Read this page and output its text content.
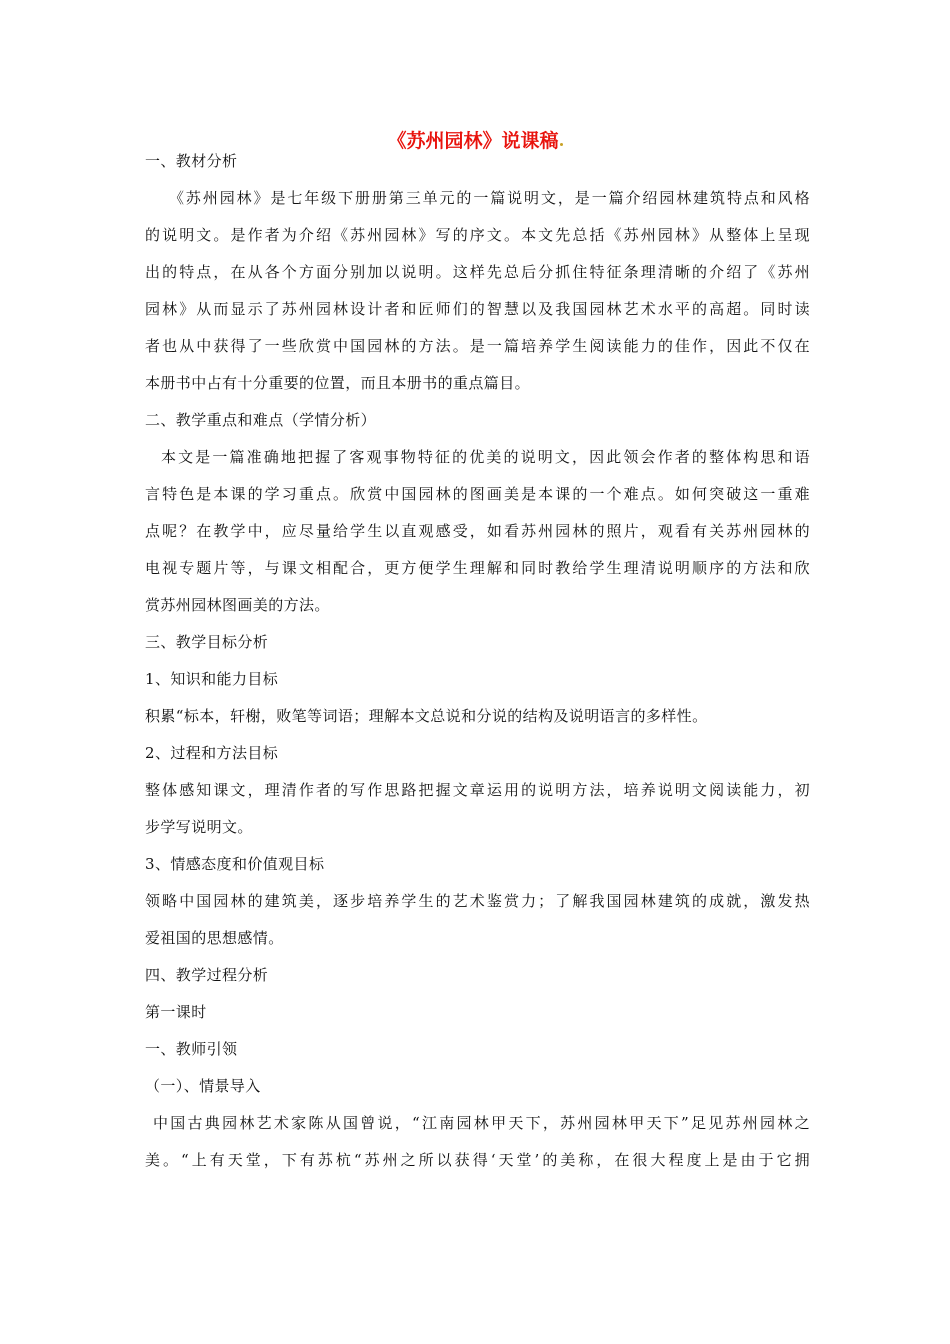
《苏州园林》说课稿
一、教材分析
《苏州园林》是七年级下册册第三单元的一篇说明文，是一篇介绍园林建筑特点和风格
的说明文。是作者为介绍《苏州园林》写的序文。本文先总括《苏州园林》从整体上呈现
出的特点，在从各个方面分别加以说明。这样先总后分抓住特征条理清晰的介绍了《苏州
园林》从而显示了苏州园林设计者和匠师们的智慧以及我国园林艺术水平的高超。同时读
者也从中获得了一些欣赏中国园林的方法。是一篇培养学生阅读能力的佳作，因此不仅在
本册书中占有十分重要的位置，而且本册书的重点篇目。
二、教学重点和难点（学情分析）
本文是一篇准确地把握了客观事物特征的优美的说明文，因此领会作者的整体构思和语
言特色是本课的学习重点。欣赏中国园林的图画美是本课的一个难点。如何突破这一重难
点呢？在教学中，应尽量给学生以直观感受，如看苏州园林的照片，观看有关苏州园林的
电视专题片等，与课文相配合，更方便学生理解和同时教给学生理清说明顺序的方法和欣
赏苏州园林图画美的方法。
三、教学目标分析
1、知识和能力目标
积累“标本，轩榭，败笔等词语；理解本文总说和分说的结构及说明语言的多样性。
2、过程和方法目标
整体感知课文，理清作者的写作思路把握文章运用的说明方法，培养说明文阅读能力，初
步学写说明文。
3、情感态度和价值观目标
领略中国园林的建筑美，逐步培养学生的艺术鉴赏力；了解我国园林建筑的成就，激发热
爱祖国的思想感情。
四、教学过程分析
第一课时
一、教师引领
（一）、情景导入
中国古典园林艺术家陈从国曾说，“江南园林甲天下，苏州园林甲天下”足见苏州园林之
美。“上有天堂，下有苏杭“苏州之所以获得‘天堂’的美称，在很大程度上是由于它拥
